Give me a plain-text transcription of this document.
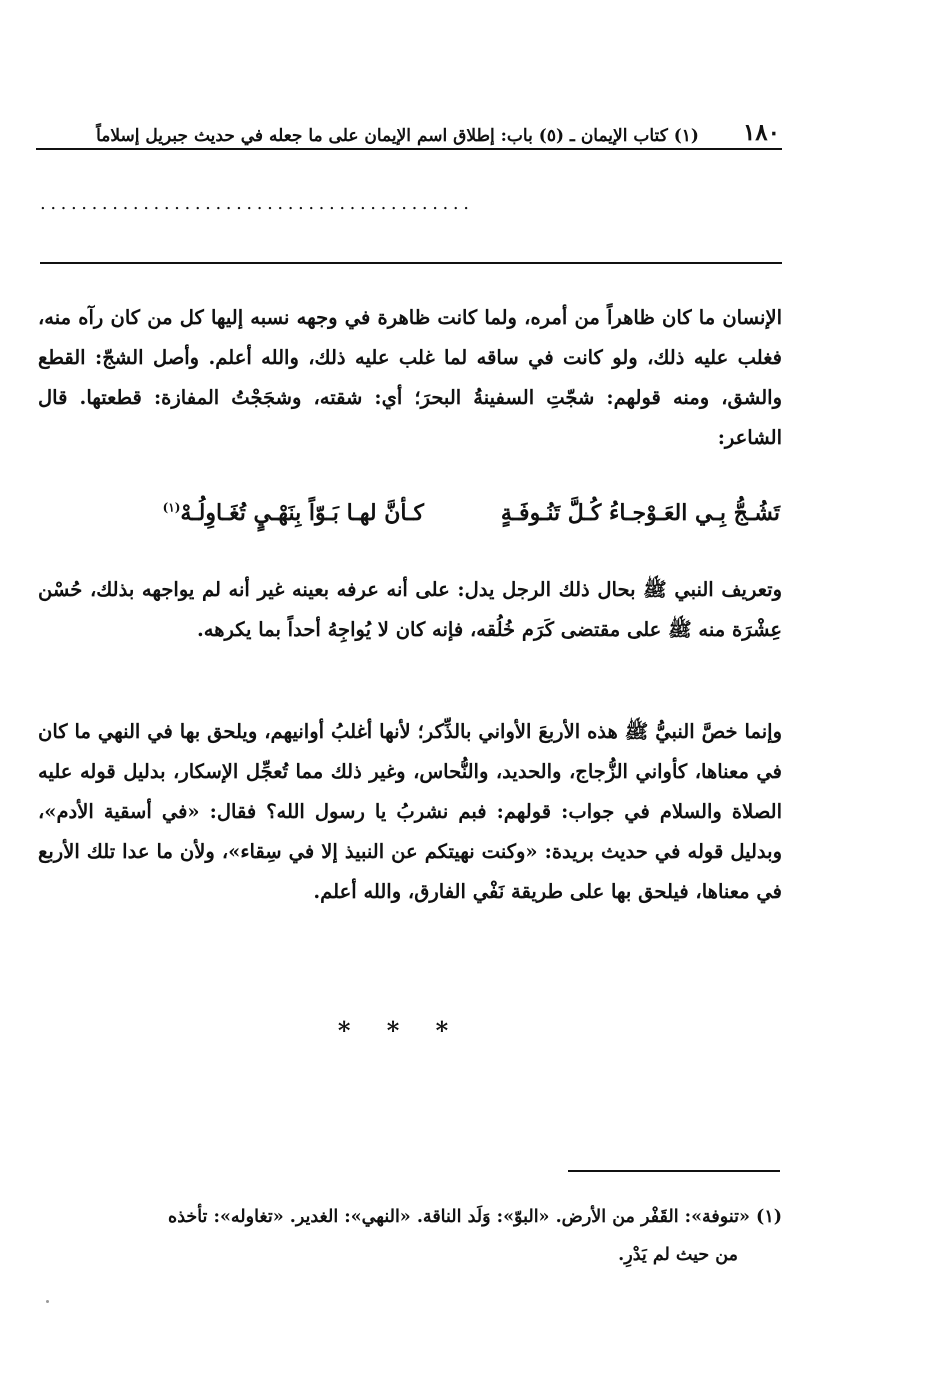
١٨٠
(١) كتاب الإيمان ـ (٥) باب: إطلاق اسم الإيمان على ما جعله في حديث جبريل إسلاماً
..........................................
الإنسان ما كان ظاهراً من أمره، ولما كانت ظاهرة في وجهه نسبه إليها كل من كان رآه منه، فغلب عليه ذلك، ولو كانت في ساقه لما غلب عليه ذلك، والله أعلم. وأصل الشجّ: القطع والشق، ومنه قولهم: شجّتِ السفينةُ البحرَ؛ أي: شقته، وشجَجْتُ المفازة: قطعتها. قال الشاعر:
تَشُـجُّ بِـي العَـوْجـاءُ كُـلَّ تَنُـوفَـةٍ
كـأنَّ لهـا بَـوّاً بِنَهْـيٍ تُغَـاوِلُـهْ$^{(١)}$
وتعريف النبي ﷺ بحال ذلك الرجل يدل: على أنه عرفه بعينه غير أنه لم يواجهه بذلك، حُسْن عِشْرَة منه ﷺ على مقتضى كَرَم خُلُقه، فإنه كان لا يُواجِهُ أحداً بما يكرهه.
وإنما خصَّ النبيُّ ﷺ هذه الأربعَ الأواني بالذِّكر؛ لأنها أغلبُ أوانيهم، ويلحق بها في النهي ما كان في معناها، كأواني الزُّجاج، والحديد، والنُّحاس، وغير ذلك مما تُعجِّل الإسكار، بدليل قوله عليه الصلاة والسلام في جواب: قولهم: فبم نشربُ يا رسول الله؟ فقال: «في أسقية الأدم»، وبدليل قوله في حديث بريدة: «وكنت نهيتكم عن النبيذ إلا في سِقاء»، ولأن ما عدا تلك الأربع في معناها، فيلحق بها على طريقة نَفْي الفارق، والله أعلم.
* * *
(١) «تنوفة»: القَفْر من الأرض. «البوّ»: وَلَد الناقة. «النهي»: الغدير. «تغاوله»: تأخذه
من حيث لم يَدْرِ.
